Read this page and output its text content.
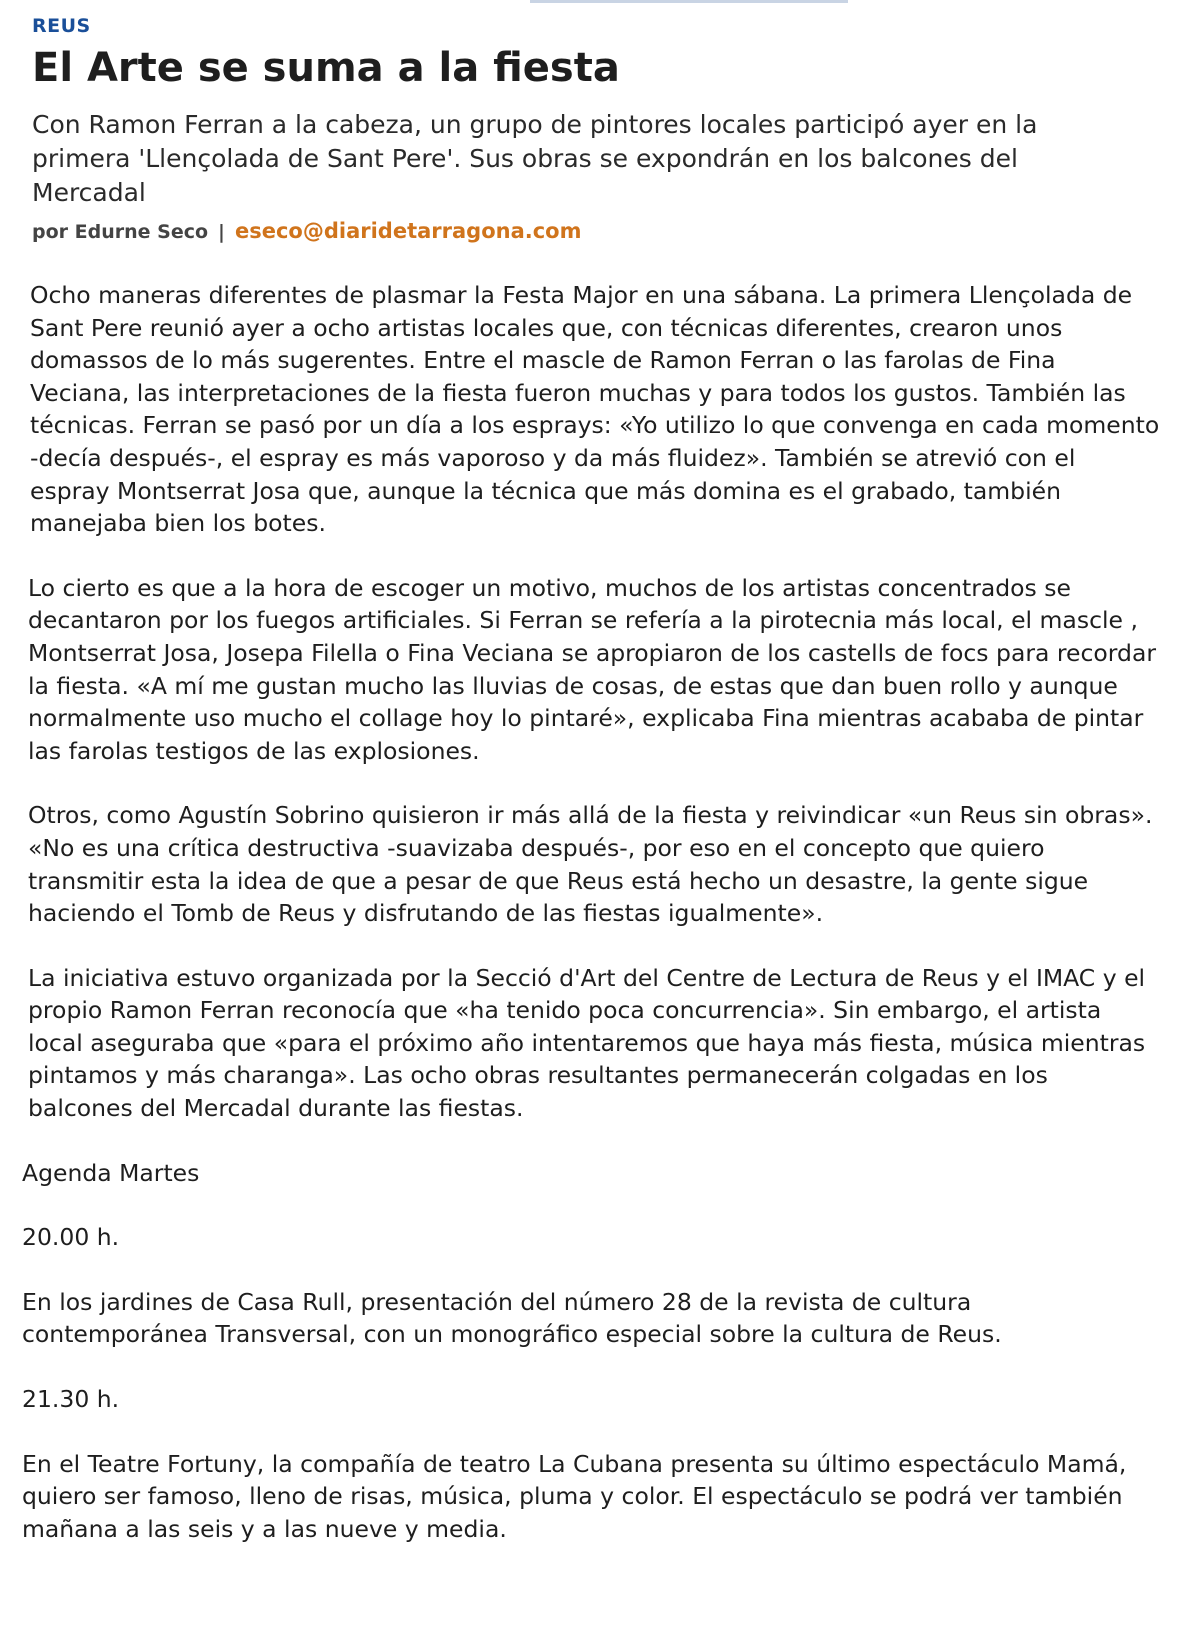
REUS
El Arte se suma a la fiesta
Con Ramon Ferran a la cabeza, un grupo de pintores locales participó ayer en la primera 'Llençolada de Sant Pere'. Sus obras se expondrán en los balcones del Mercadal
por Edurne Seco | eseco@diaridetarragona.com

Ocho maneras diferentes de plasmar la Festa Major en una sábana. La primera Llençolada de Sant Pere reunió ayer a ocho artistas locales que, con técnicas diferentes, crearon unos domassos de lo más sugerentes. Entre el mascle de Ramon Ferran o las farolas de Fina Veciana, las interpretaciones de la fiesta fueron muchas y para todos los gustos. También las técnicas. Ferran se pasó por un día a los esprays: «Yo utilizo lo que convenga en cada momento -decía después-, el espray es más vaporoso y da más fluidez». También se atrevió con el espray Montserrat Josa que, aunque la técnica que más domina es el grabado, también manejaba bien los botes.

Lo cierto es que a la hora de escoger un motivo, muchos de los artistas concentrados se decantaron por los fuegos artificiales. Si Ferran se refería a la pirotecnia más local, el mascle , Montserrat Josa, Josepa Filella o Fina Veciana se apropiaron de los castells de focs para recordar la fiesta. «A mí me gustan mucho las lluvias de cosas, de estas que dan buen rollo y aunque normalmente uso mucho el collage hoy lo pintaré», explicaba Fina mientras acababa de pintar las farolas testigos de las explosiones.

Otros, como Agustín Sobrino quisieron ir más allá de la fiesta y reivindicar «un Reus sin obras». «No es una crítica destructiva -suavizaba después-, por eso en el concepto que quiero transmitir esta la idea de que a pesar de que Reus está hecho un desastre, la gente sigue haciendo el Tomb de Reus y disfrutando de las fiestas igualmente».

La iniciativa estuvo organizada por la Secció d'Art del Centre de Lectura de Reus y el IMAC y el propio Ramon Ferran reconocía que «ha tenido poca concurrencia». Sin embargo, el artista local aseguraba que «para el próximo año intentaremos que haya más fiesta, música mientras pintamos y más charanga». Las ocho obras resultantes permanecerán colgadas en los balcones del Mercadal durante las fiestas.

Agenda Martes

20.00 h.

En los jardines de Casa Rull, presentación del número 28 de la revista de cultura contemporánea Transversal, con un monográfico especial sobre la cultura de Reus.

21.30 h.

En el Teatre Fortuny, la compañía de teatro La Cubana presenta su último espectáculo Mamá, quiero ser famoso, lleno de risas, música, pluma y color. El espectáculo se podrá ver también mañana a las seis y a las nueve y media.
